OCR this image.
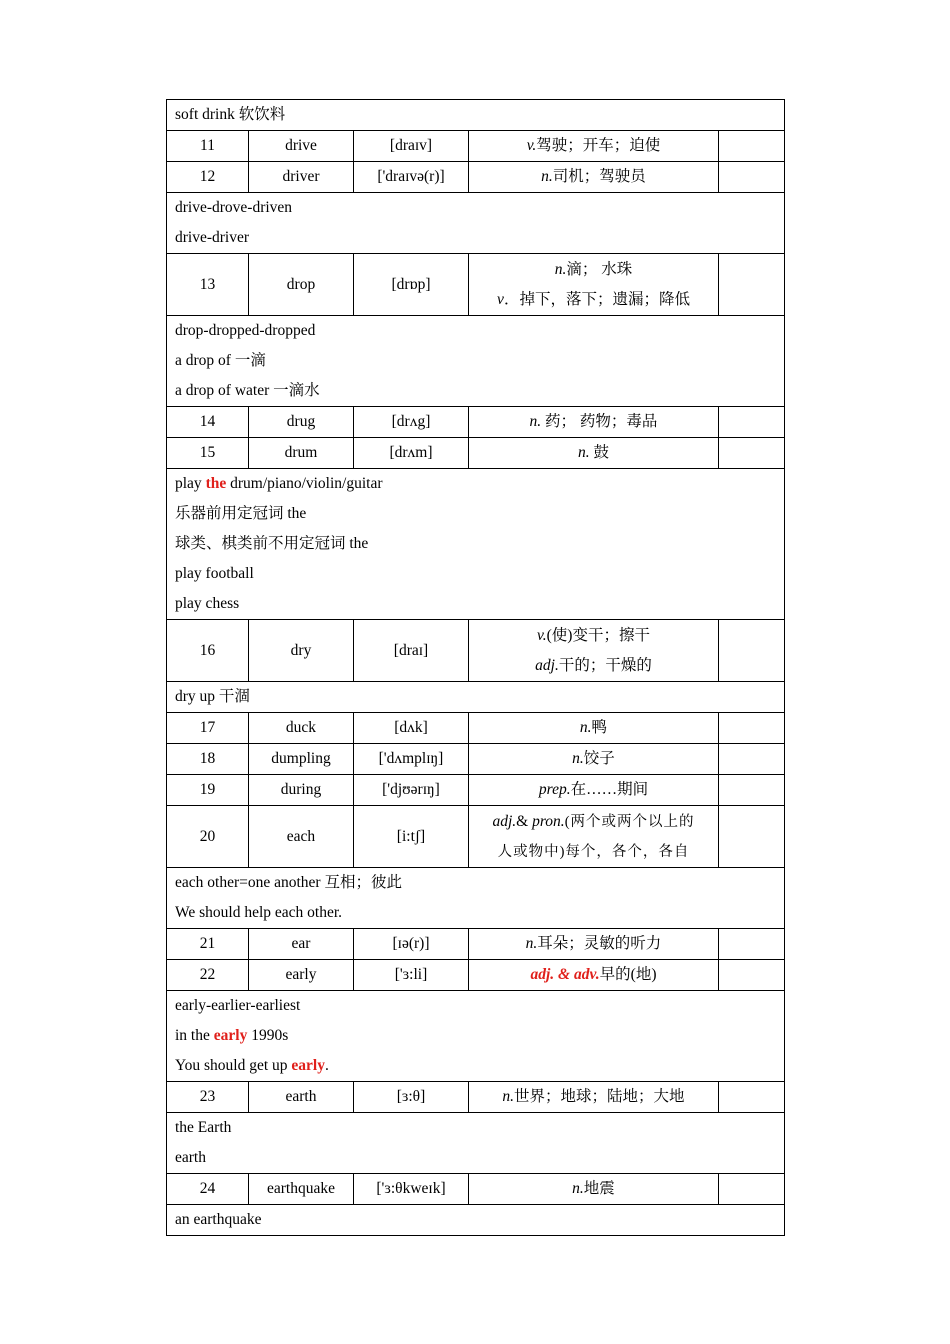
soft drink 软饮料				

11	drive	[draɪv]	v.驾驶；开车；迫使	
12	driver	['draɪvə(r)]	n.司机；驾驶员	

drive-drove-driven
drive-driver				

13	drop	[drɒp]	n.滴； 水珠
v．掉下，落下；遗漏；降低	

drop-dropped-dropped
a drop of 一滴
a drop of water 一滴水				

14	drug	[drʌg]	n. 药； 药物；毒品	
15	drum	[drʌm]	n. 鼓	

play the drum/piano/violin/guitar
乐器前用定冠词 the
球类、棋类前不用定冠词 the
play football
play chess				

16	dry	[draɪ]	v.(使)变干；擦干
adj.干的；干燥的	

dry up 干涸				

17	duck	[dʌk]	n.鸭	
18	dumpling	['dʌmplɪŋ]	n.饺子	
19	during	['djʊərɪŋ]	prep.在……期间	
20	each	[i:tʃ]	adj.& pron.(两个或两个以上的
人或物中)每个，各个，各自	

each other=one another 互相；彼此
We should help each other.				

21	ear	[ɪə(r)]	n.耳朵；灵敏的听力	
22	early	['ɜ:li]	adj. & adv.早的(地)	

early-earlier-earliest
in the early 1990s
You should get up early.				

23	earth	[ɜ:θ]	n.世界；地球；陆地；大地	

the Earth
earth				

24	earthquake	['ɜ:θkweɪk]	n.地震	

an earthquake				
